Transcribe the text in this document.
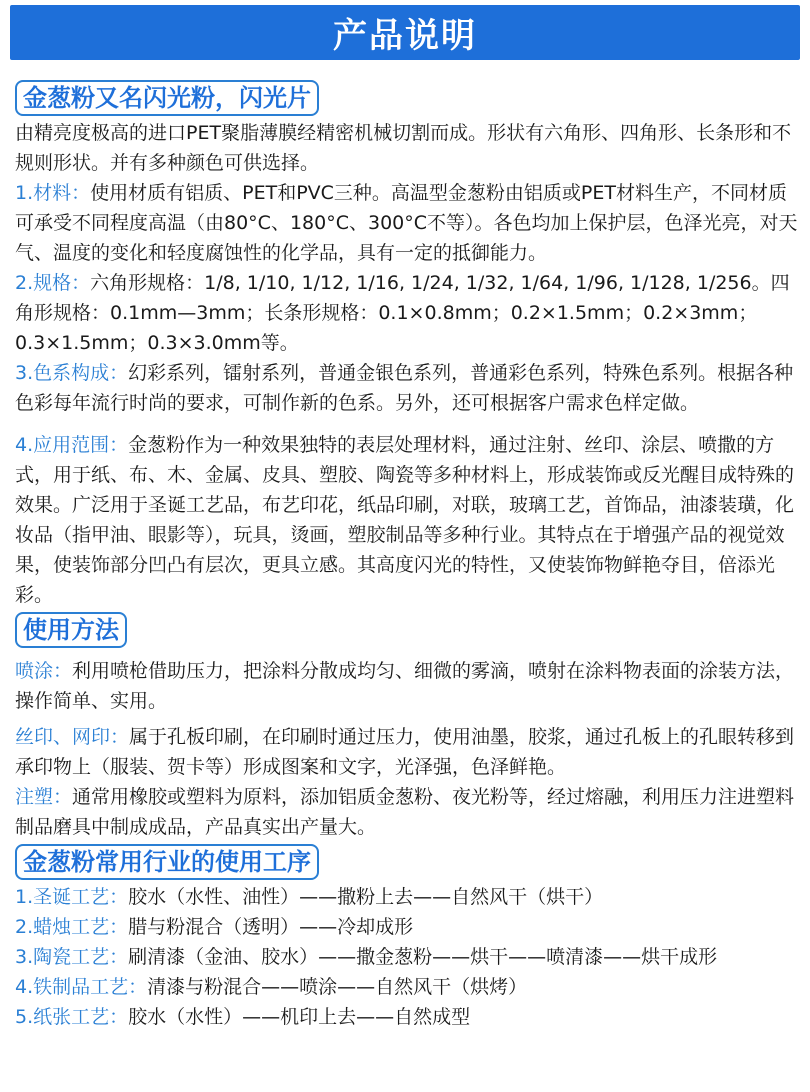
产品说明
金葱粉又名闪光粉，闪光片

由精亮度极高的进口PET聚脂薄膜经精密机械切割而成。形状有六角形、四角形、长条形和不规则形状。并有多种颜色可供选择。

1.材料：使用材质有铝质、PET和PVC三种。高温型金葱粉由铝质或PET材料生产，不同材质可承受不同程度高温（由80°C、180°C、300°C不等）。各色均加上保护层，色泽光亮，对天气、温度的变化和轻度腐蚀性的化学品，具有一定的抵御能力。

2.规格：六角形规格：1/8, 1/10, 1/12, 1/16, 1/24, 1/32, 1/64, 1/96, 1/128, 1/256。四角形规格：0.1mm—3mm；长条形规格：0.1×0.8mm；0.2×1.5mm；0.2×3mm；0.3×1.5mm；0.3×3.0mm等。

3.色系构成：幻彩系列，镭射系列，普通金银色系列，普通彩色系列，特殊色系列。根据各种色彩每年流行时尚的要求，可制作新的色系。另外，还可根据客户需求色样定做。

4.应用范围：金葱粉作为一种效果独特的表层处理材料，通过注射、丝印、涂层、喷撒的方式，用于纸、布、木、金属、皮具、塑胶、陶瓷等多种材料上，形成装饰或反光醒目成特殊的效果。广泛用于圣诞工艺品，布艺印花，纸品印刷，对联，玻璃工艺，首饰品，油漆装璜，化妆品（指甲油、眼影等），玩具，烫画，塑胶制品等多种行业。其特点在于增强产品的视觉效果，使装饰部分凹凸有层次，更具立感。其高度闪光的特性，又使装饰物鲜艳夺目，倍添光彩。

使用方法

喷涂：利用喷枪借助压力，把涂料分散成均匀、细微的雾滴，喷射在涂料物表面的涂装方法，操作简单、实用。

丝印、网印：属于孔板印刷，在印刷时通过压力，使用油墨，胶浆，通过孔板上的孔眼转移到承印物上（服装、贺卡等）形成图案和文字，光泽强，色泽鲜艳。

注塑：通常用橡胶或塑料为原料，添加铝质金葱粉、夜光粉等，经过熔融，利用压力注进塑料制品磨具中制成成品，产品真实出产量大。

金葱粉常用行业的使用工序

1.圣诞工艺：胶水（水性、油性）——撒粉上去——自然风干（烘干）

2.蜡烛工艺：腊与粉混合（透明）——冷却成形

3.陶瓷工艺：刷清漆（金油、胶水）——撒金葱粉——烘干——喷清漆——烘干成形

4.铁制品工艺：清漆与粉混合——喷涂——自然风干（烘烤）

5.纸张工艺：胶水（水性）——机印上去——自然成型
